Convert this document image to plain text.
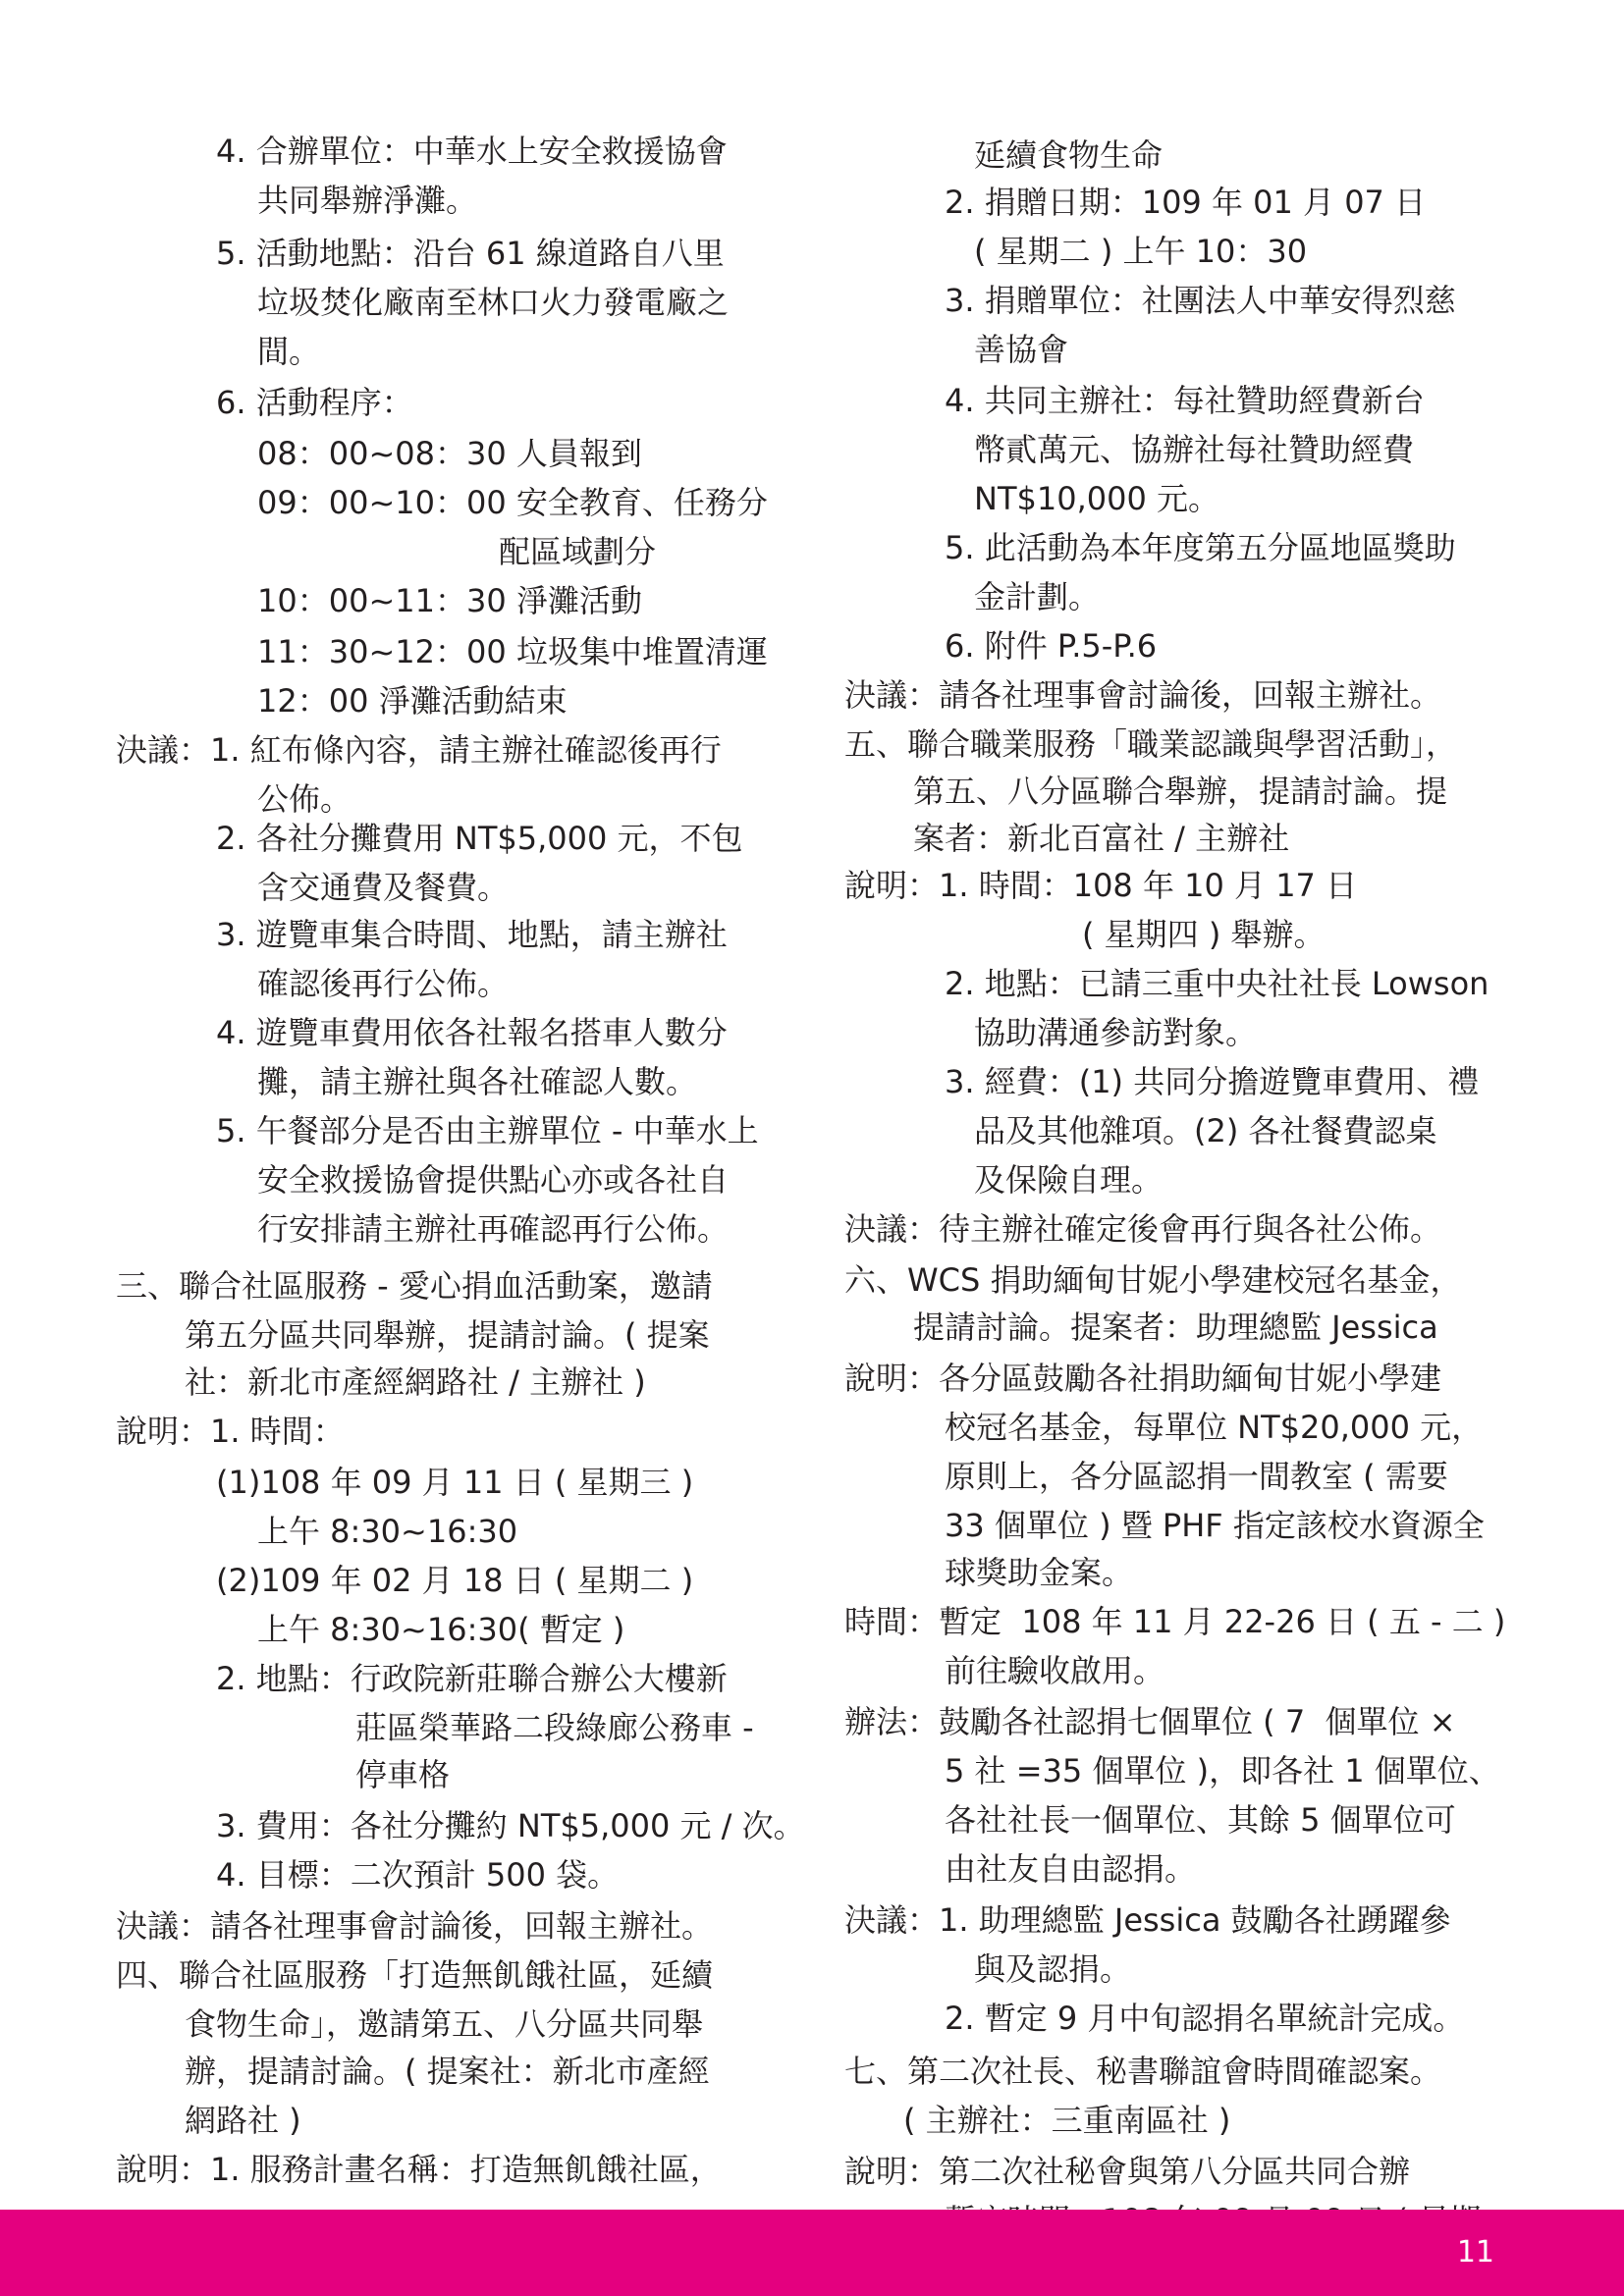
4. 合辦單位：中華水上安全救援協會
共同舉辦淨灘。
5. 活動地點：沿台 61 線道路自八里
垃圾焚化廠南至林口火力發電廠之
間。
6. 活動程序：
08：00~08：30 人員報到
09：00~10：00 安全教育、任務分
配區域劃分
10：00~11：30 淨灘活動
11：30~12：00 垃圾集中堆置清運
12：00 淨灘活動結束
決議：1. 紅布條內容，請主辦社確認後再行
公佈。
2. 各社分攤費用 NT$5,000 元，不包
含交通費及餐費。
3. 遊覽車集合時間、地點，請主辦社
確認後再行公佈。
4. 遊覽車費用依各社報名搭車人數分
攤，請主辦社與各社確認人數。
5. 午餐部分是否由主辦單位 - 中華水上
安全救援協會提供點心亦或各社自
行安排請主辦社再確認再行公佈。
三、聯合社區服務 - 愛心捐血活動案，邀請
第五分區共同舉辦，提請討論。( 提案
社：新北市產經網路社 / 主辦社 )
說明：1. 時間：
(1)108 年 09 月 11 日 ( 星期三 )
上午 8:30~16:30
(2)109 年 02 月 18 日 ( 星期二 )
上午 8:30~16:30( 暫定 )
2. 地點：行政院新莊聯合辦公大樓新
莊區榮華路二段綠廊公務車 -
停車格
3. 費用：各社分攤約 NT$5,000 元 / 次。
4. 目標：二次預計 500 袋。
決議：請各社理事會討論後，回報主辦社。
四、聯合社區服務「打造無飢餓社區，延續
食物生命」，邀請第五、八分區共同舉
辦，提請討論。( 提案社：新北市產經
網路社 )
說明：1. 服務計畫名稱：打造無飢餓社區，
延續食物生命
2. 捐贈日期：109 年 01 月 07 日
( 星期二 ) 上午 10：30
3. 捐贈單位：社團法人中華安得烈慈
善協會
4. 共同主辦社：每社贊助經費新台
幣貳萬元、協辦社每社贊助經費
NT$10,000 元。
5. 此活動為本年度第五分區地區獎助
金計劃。
6. 附件 P.5-P.6
決議：請各社理事會討論後，回報主辦社。
五、聯合職業服務「職業認識與學習活動」，
第五、八分區聯合舉辦，提請討論。提
案者：新北百富社 / 主辦社
說明：1. 時間：108 年 10 月 17 日
( 星期四 ) 舉辦。
2. 地點：已請三重中央社社長 Lowson
協助溝通參訪對象。
3. 經費：(1) 共同分擔遊覽車費用、禮
品及其他雜項。(2) 各社餐費認桌
及保險自理。
決議：待主辦社確定後會再行與各社公佈。
六、WCS 捐助緬甸甘妮小學建校冠名基金，
提請討論。提案者：助理總監 Jessica
說明：各分區鼓勵各社捐助緬甸甘妮小學建
校冠名基金，每單位 NT$20,000 元，
原則上，各分區認捐一間教室 ( 需要
33 個單位 ) 暨 PHF 指定該校水資源全
球獎助金案。
時間：暫定  108 年 11 月 22-26 日 ( 五 - 二 )
前往驗收啟用。
辦法：鼓勵各社認捐七個單位 ( 7  個單位 ×
5 社 =35 個單位 )，即各社 1 個單位、
各社社長一個單位、其餘 5 個單位可
由社友自由認捐。
決議：1. 助理總監 Jessica 鼓勵各社踴躍參
與及認捐。
2. 暫定 9 月中旬認捐名單統計完成。
七、第二次社長、秘書聯誼會時間確認案。
( 主辦社：三重南區社 )
說明：第二次社秘會與第八分區共同合辦
11
